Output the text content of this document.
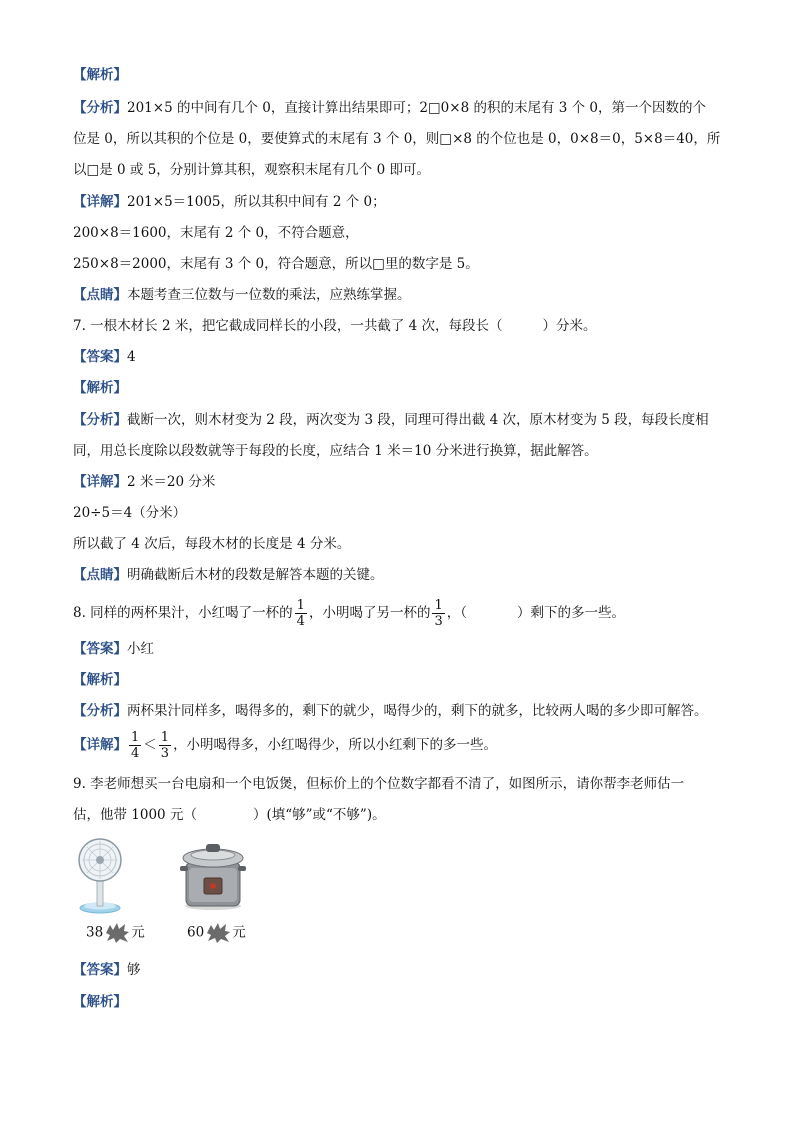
【解析】
【分析】201×5 的中间有几个 0，直接计算出结果即可；2□0×8 的积的末尾有 3 个 0，第一个因数的个
位是 0，所以其积的个位是 0，要使算式的末尾有 3 个 0，则□×8 的个位也是 0，0×8＝0，5×8＝40，所
以□是 0 或 5，分别计算其积，观察积末尾有几个 0 即可。
【详解】201×5＝1005，所以其积中间有 2 个 0；
200×8＝1600，末尾有 2 个 0，不符合题意，
250×8＝2000，末尾有 3 个 0，符合题意，所以□里的数字是 5。
【点睛】本题考查三位数与一位数的乘法，应熟练掌握。
7. 一根木材长 2 米，把它截成同样长的小段，一共截了 4 次，每段长（	）分米。
【答案】4
【解析】
【分析】截断一次，则木材变为 2 段，两次变为 3 段，同理可得出截 4 次，原木材变为 5 段，每段长度相
同，用总长度除以段数就等于每段的长度，应结合 1 米＝10 分米进行换算，据此解答。
【详解】2 米＝20 分米
20÷5＝4（分米）
所以截了 4 次后，每段木材的长度是 4 分米。
【点睛】明确截断后木材的段数是解答本题的关键。
8. 同样的两杯果汁，小红喝了一杯的 $\frac{1}{4}$ ，小明喝了另一杯的 $\frac{1}{3}$ ，（	）剩下的多一些。
【答案】小红
【解析】
【分析】两杯果汁同样多，喝得多的，剩下的就少，喝得少的，剩下的就多，比较两人喝的多少即可解答。
【详解】 $\frac{1}{4} < \frac{1}{3}$ ，小明喝得多，小红喝得少，所以小红剩下的多一些。
9. 李老师想买一台电扇和一个电饭煲，但标价上的个位数字都看不清了，如图所示，请你帮李老师估一
估，他带 1000 元（	）(填“够”或“不够”)。
38 元	60 元
【答案】够
【解析】
